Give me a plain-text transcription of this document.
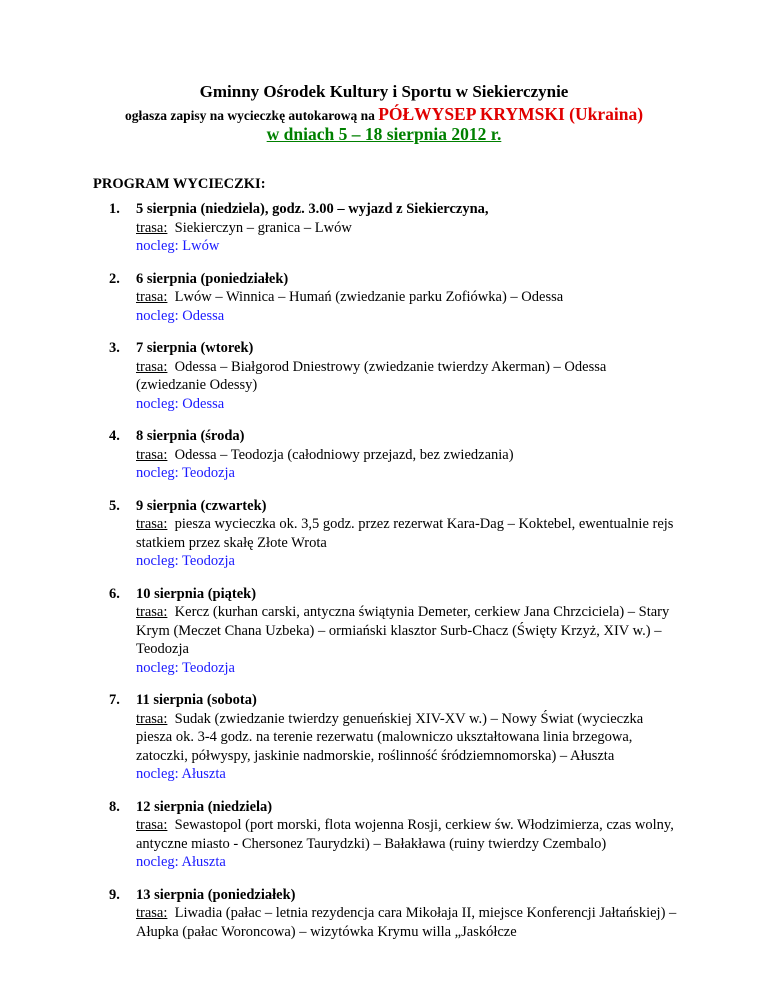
Gminny Ośrodek Kultury i Sportu w Siekierczynie
ogłasza zapisy na wycieczkę autokarową na PÓŁWYSEP KRYMSKI (Ukraina)
w dniach 5 – 18 sierpnia 2012 r.
PROGRAM WYCIECZKI:
1. 5 sierpnia (niedziela), godz. 3.00 – wyjazd z Siekierczyna,
trasa: Siekierczyn – granica – Lwów
nocleg: Lwów
2. 6 sierpnia (poniedziałek)
trasa: Lwów – Winnica – Humań (zwiedzanie parku Zofiówka) – Odessa
nocleg: Odessa
3. 7 sierpnia (wtorek)
trasa: Odessa – Białgorod Dniestrowy (zwiedzanie twierdzy Akerman) – Odessa (zwiedzanie Odessy)
nocleg: Odessa
4. 8 sierpnia (środa)
trasa: Odessa – Teodozja (całodniowy przejazd, bez zwiedzania)
nocleg: Teodozja
5. 9 sierpnia (czwartek)
trasa: piesza wycieczka ok. 3,5 godz. przez rezerwat Kara-Dag – Koktebel, ewentualnie rejs statkiem przez skałę Złote Wrota
nocleg: Teodozja
6. 10 sierpnia (piątek)
trasa: Kercz (kurhan carski, antyczna świątynia Demeter, cerkiew Jana Chrzciciela) – Stary Krym (Meczet Chana Uzbeka) – ormiański klasztor Surb-Chacz (Święty Krzyż, XIV w.) – Teodozja
nocleg: Teodozja
7. 11 sierpnia (sobota)
trasa: Sudak (zwiedzanie twierdzy genueńskiej XIV-XV w.) – Nowy Świat (wycieczka piesza ok. 3-4 godz. na terenie rezerwatu (malowniczo ukształtowana linia brzegowa, zatoczki, półwyspy, jaskinie nadmorskie, roślinność śródziemnomorska) – Ałuszta
nocleg: Ałuszta
8. 12 sierpnia (niedziela)
trasa: Sewastopol (port morski, flota wojenna Rosji, cerkiew św. Włodzimierza, czas wolny, antyczne miasto - Chersonez Taurydzki) – Bałakława (ruiny twierdzy Czembalo)
nocleg: Ałuszta
9. 13 sierpnia (poniedziałek)
trasa: Liwadia (pałac – letnia rezydencja cara Mikołaja II, miejsce Konferencji Jałtańskiej) – Ałupka (pałac Woroncowa) – wizytówka Krymu willa „Jaskółcze
